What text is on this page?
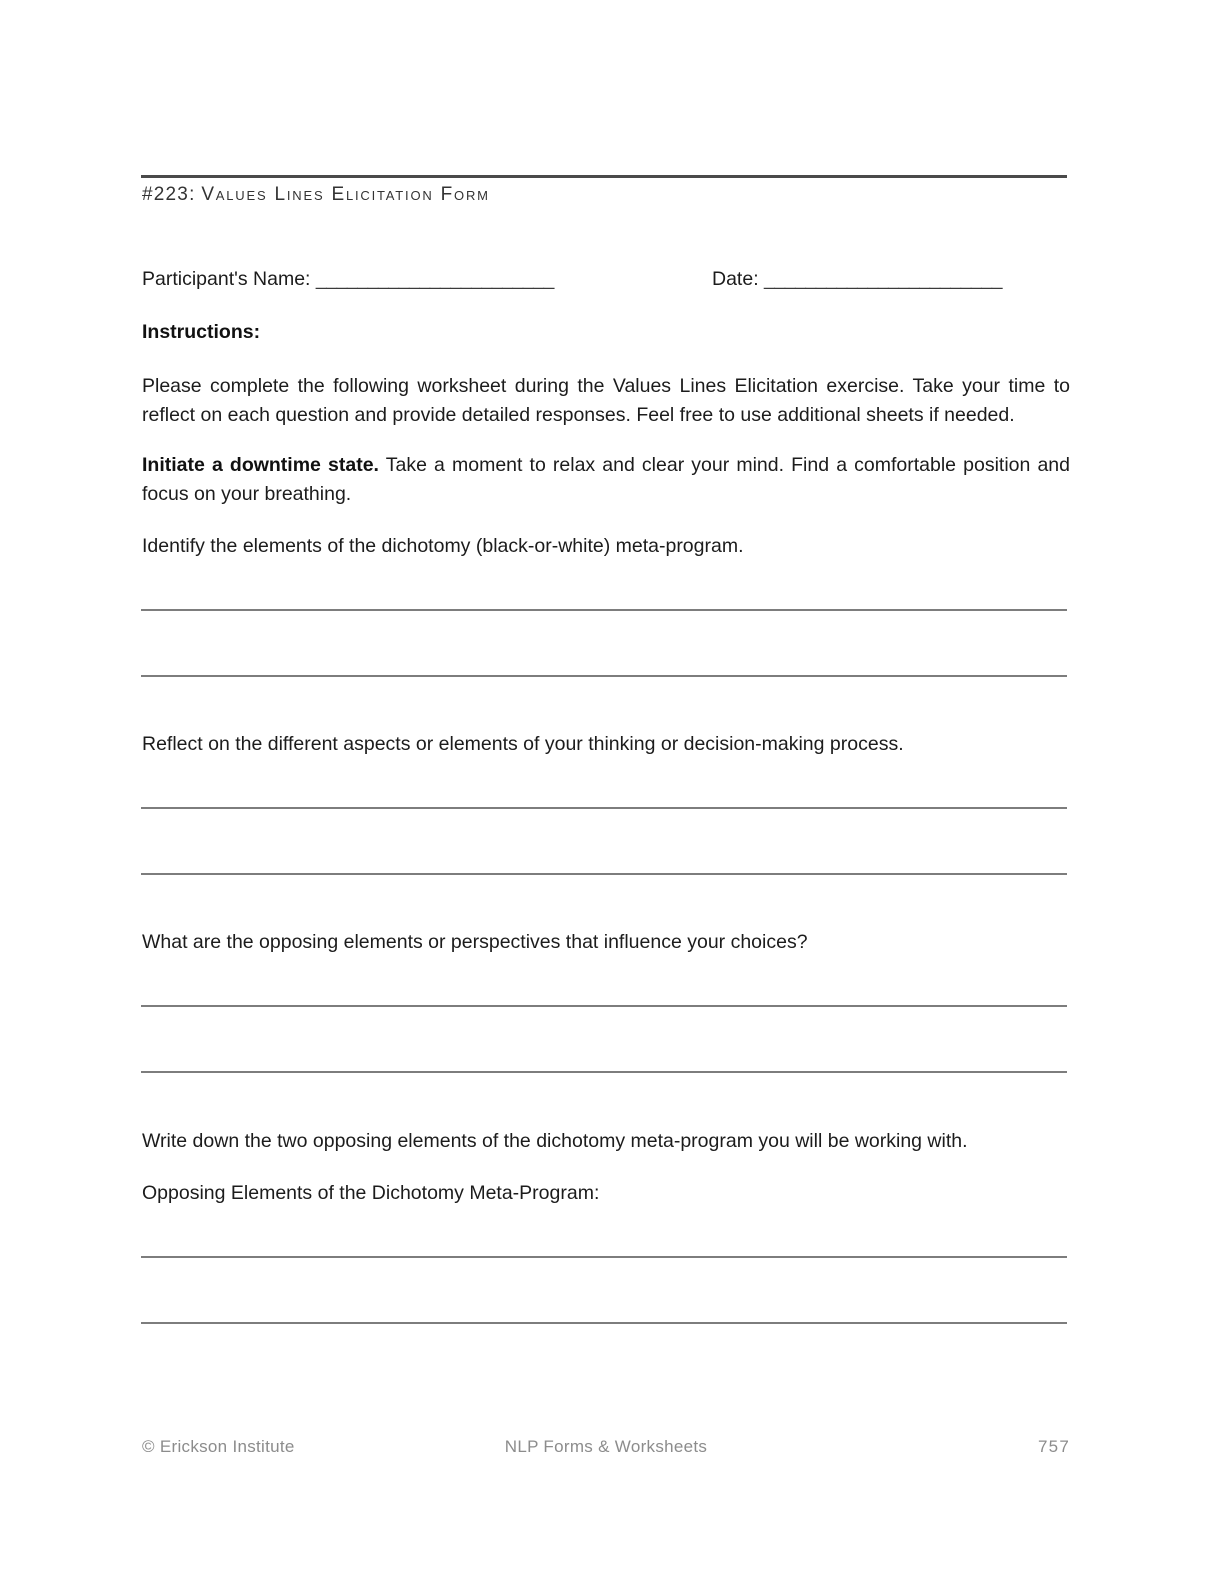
#223: Values Lines Elicitation Form
Participant's Name: _______________________	Date: _______________________
Instructions:
Please complete the following worksheet during the Values Lines Elicitation exercise. Take your time to reflect on each question and provide detailed responses. Feel free to use additional sheets if needed.
Initiate a downtime state. Take a moment to relax and clear your mind. Find a comfortable position and focus on your breathing.
Identify the elements of the dichotomy (black-or-white) meta-program.
Reflect on the different aspects or elements of your thinking or decision-making process.
What are the opposing elements or perspectives that influence your choices?
Write down the two opposing elements of the dichotomy meta-program you will be working with.
Opposing Elements of the Dichotomy Meta-Program:
© Erickson Institute	NLP Forms & Worksheets	757
